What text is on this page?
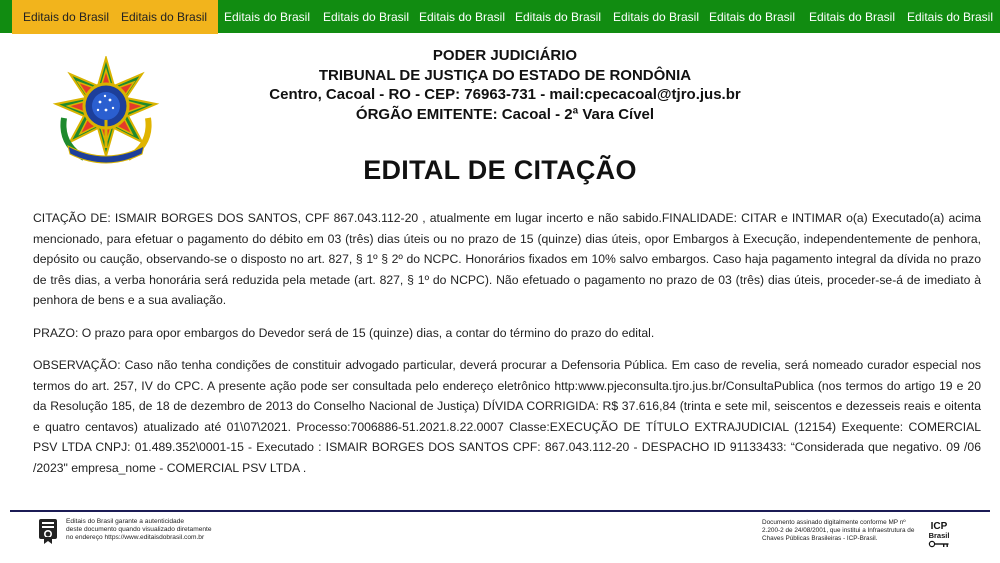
Editais do Brasil	Editais do Brasil	Editais do Brasil Editais do Brasil Editais do Brasil Editais do Brasil Editais do Brasil Editais do Brasil Editais do Brasil Editais do Brasil
PODER JUDICIÁRIO
TRIBUNAL DE JUSTIÇA DO ESTADO DE RONDÔNIA
Centro, Cacoal - RO - CEP: 76963-731 - mail:cpecacoal@tjro.jus.br
ÓRGÃO EMITENTE: Cacoal - 2ª Vara Cível
EDITAL DE CITAÇÃO

CITAÇÃO DE: ISMAIR BORGES DOS SANTOS, CPF 867.043.112-20 , atualmente em lugar incerto e não sabido.FINALIDADE: CITAR e INTIMAR o(a) Executado(a) acima mencionado, para efetuar o pagamento do débito em 03 (três) dias úteis ou no prazo de 15 (quinze) dias úteis, opor Embargos à Execução, independentemente de penhora, depósito ou caução, observando-se o disposto no art. 827, § 1º § 2º do NCPC. Honorários fixados em 10% salvo embargos. Caso haja pagamento integral da dívida no prazo de três dias, a verba honorária será reduzida pela metade (art. 827, § 1º do NCPC). Não efetuado o pagamento no prazo de 03 (três) dias úteis, proceder-se-á de imediato à penhora de bens e a sua avaliação.

PRAZO: O prazo para opor embargos do Devedor será de 15 (quinze) dias, a contar do término do prazo do edital.

OBSERVAÇÃO: Caso não tenha condições de constituir advogado particular, deverá procurar a Defensoria Pública. Em caso de revelia, será nomeado curador especial nos termos do art. 257, IV do CPC. A presente ação pode ser consultada pelo endereço eletrônico http:www.pjeconsulta.tjro.jus.br/ConsultaPublica (nos termos do artigo 19 e 20 da Resolução 185, de 18 de dezembro de 2013 do Conselho Nacional de Justiça) DÍVIDA CORRIGIDA: R$ 37.616,84 (trinta e sete mil, seiscentos e dezesseis reais e oitenta e quatro centavos) atualizado até 01\07\2021. Processo:7006886-51.2021.8.22.0007 Classe:EXECUÇÃO DE TÍTULO EXTRAJUDICIAL (12154) Exequente: COMERCIAL PSV LTDA CNPJ: 01.489.352\0001-15 - Executado : ISMAIR BORGES DOS SANTOS CPF: 867.043.112-20 - DESPACHO ID 91133433: “Considerada que negativo. 09 /06 /2023" empresa_nome - COMERCIAL PSV LTDA .

Editais do Brasil garante a autenticidade
deste documento quando visualizado diretamente
no endereço https://www.editaisdobrasil.com.br
Documento assinado digitalmente conforme MP nº
2.200-2 de 24/08/2001, que institui a Infraestrutura de
Chaves Públicas Brasileiras - ICP-Brasil.
ICP
Brasil
